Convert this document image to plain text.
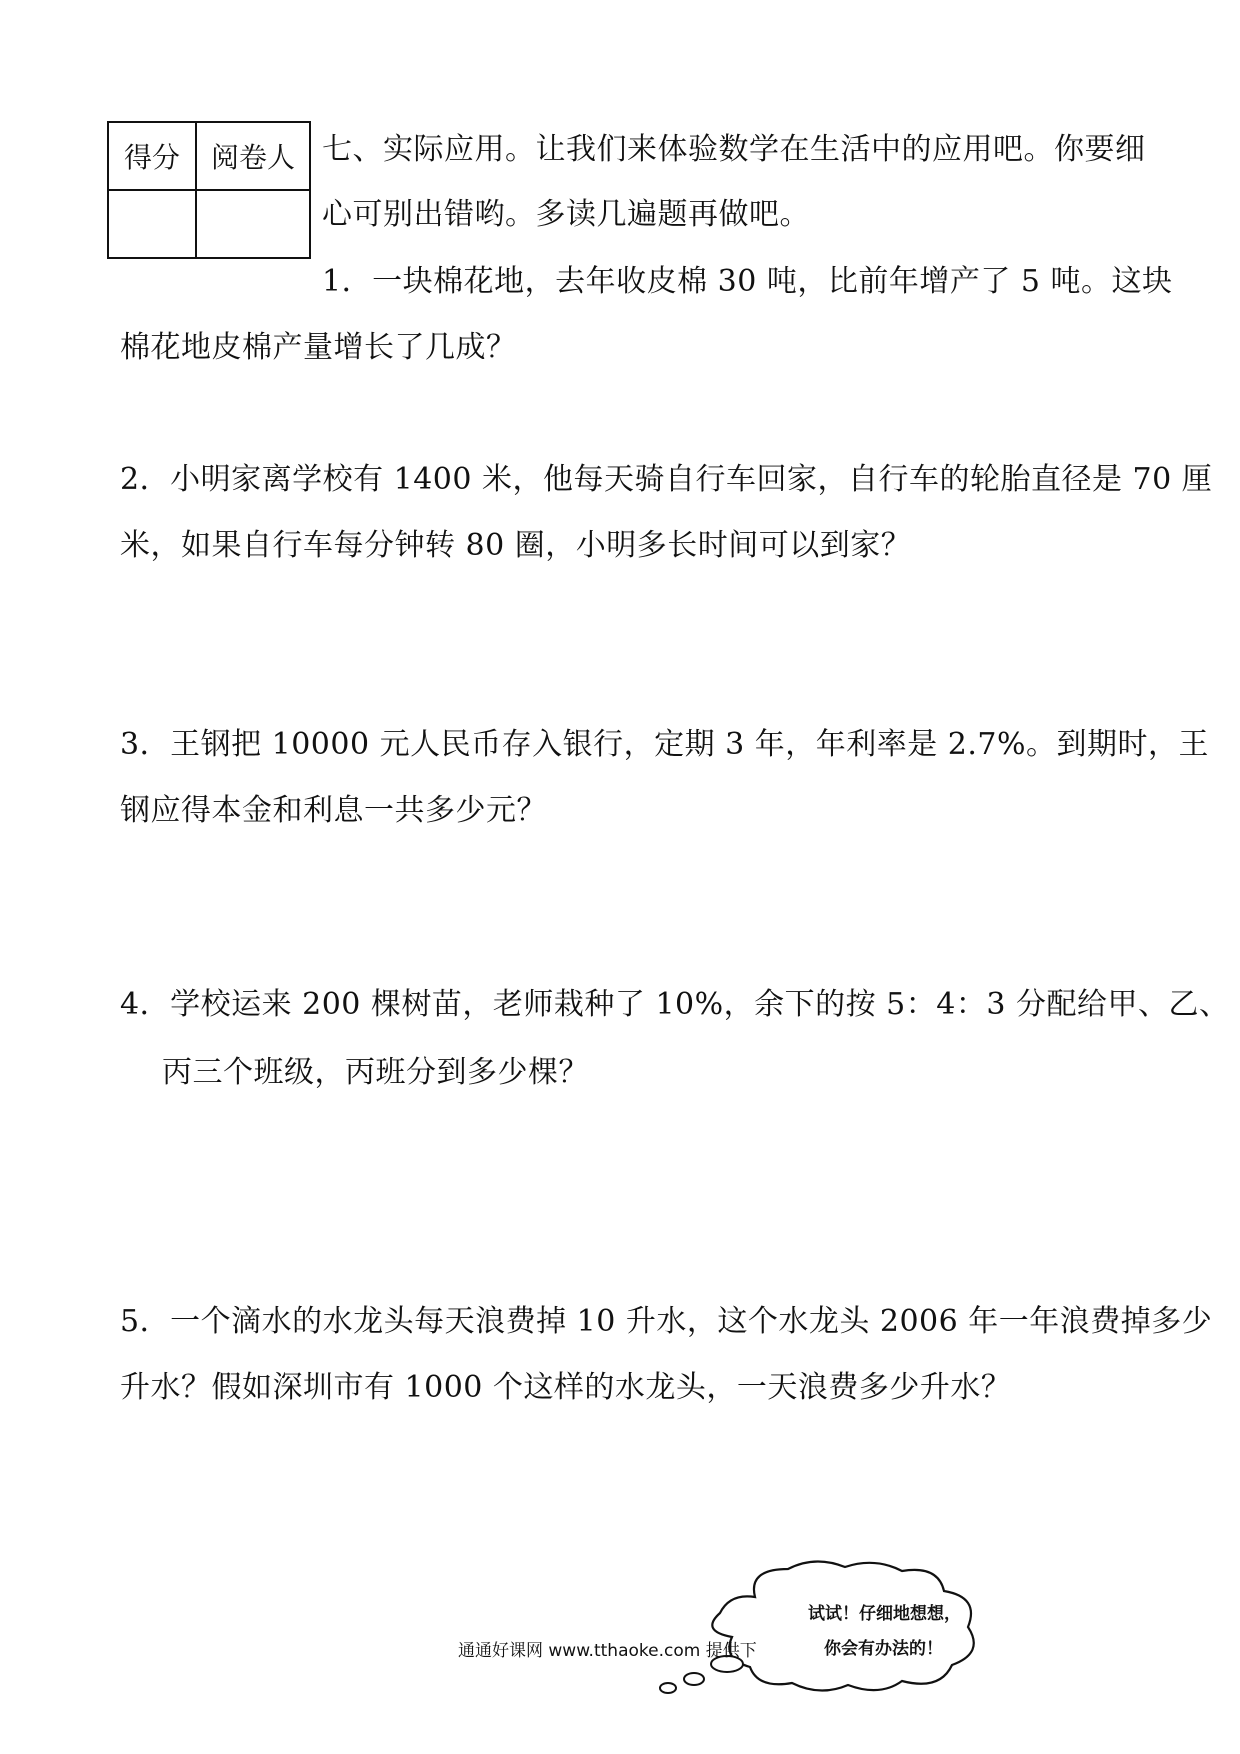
得分	阅卷人
	七、实际应用。让我们来体验数学在生活中的应用吧。你要细
心可别出错哟。多读几遍题再做吧。
1．一块棉花地，去年收皮棉 30 吨，比前年增产了 5 吨。这块
棉花地皮棉产量增长了几成？
2．小明家离学校有 1400 米，他每天骑自行车回家，自行车的轮胎直径是 70 厘
米，如果自行车每分钟转 80 圈，小明多长时间可以到家？
3．王钢把 10000 元人民币存入银行，定期 3 年，年利率是 2.7%。到期时，王
钢应得本金和利息一共多少元？
4．学校运来 200 棵树苗，老师栽种了 10%，余下的按 5：4：3 分配给甲、乙、
丙三个班级，丙班分到多少棵？
5．一个滴水的水龙头每天浪费掉 10 升水，这个水龙头 2006 年一年浪费掉多少
升水？假如深圳市有 1000 个这样的水龙头，一天浪费多少升水？
试试！仔细地想想，
你会有办法的！
通通好课网 www.tthaoke.com 提供下
